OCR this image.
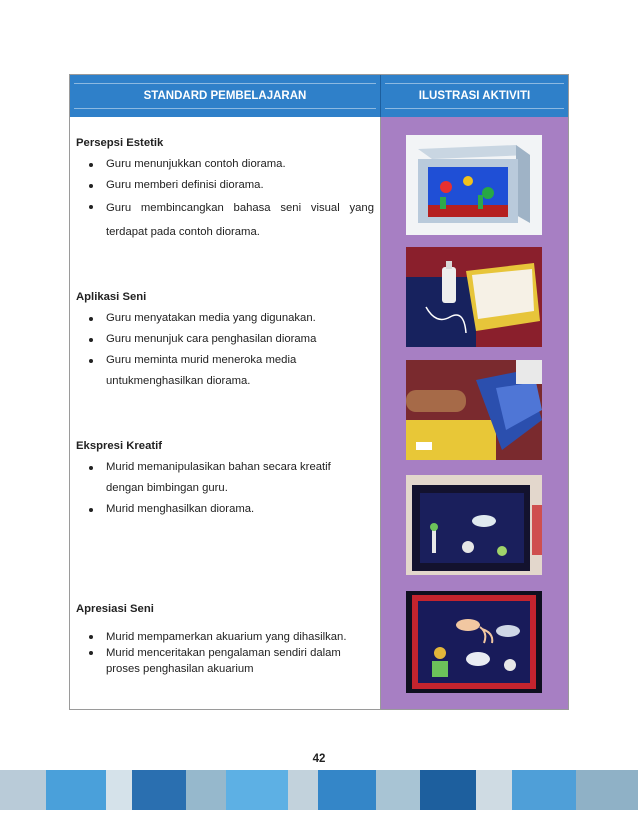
STANDARD PEMBELAJARAN	ILUSTRASI AKTIVITI
Persepsi Estetik
Guru menunjukkan contoh diorama.
Guru memberi definisi diorama.
Guru membincangkan bahasa seni visual yang terdapat pada contoh diorama.
Aplikasi Seni
Guru menyatakan media yang digunakan.
Guru menunjuk cara penghasilan diorama
Guru meminta murid meneroka media untukmenghasilkan diorama.
Ekspresi Kreatif
Murid memanipulasikan bahan secara kreatif dengan bimbingan guru.
Murid menghasilkan diorama.
Apresiasi Seni
Murid mempamerkan akuarium yang dihasilkan.
Murid menceritakan pengalaman sendiri dalam proses penghasilan akuarium
42
